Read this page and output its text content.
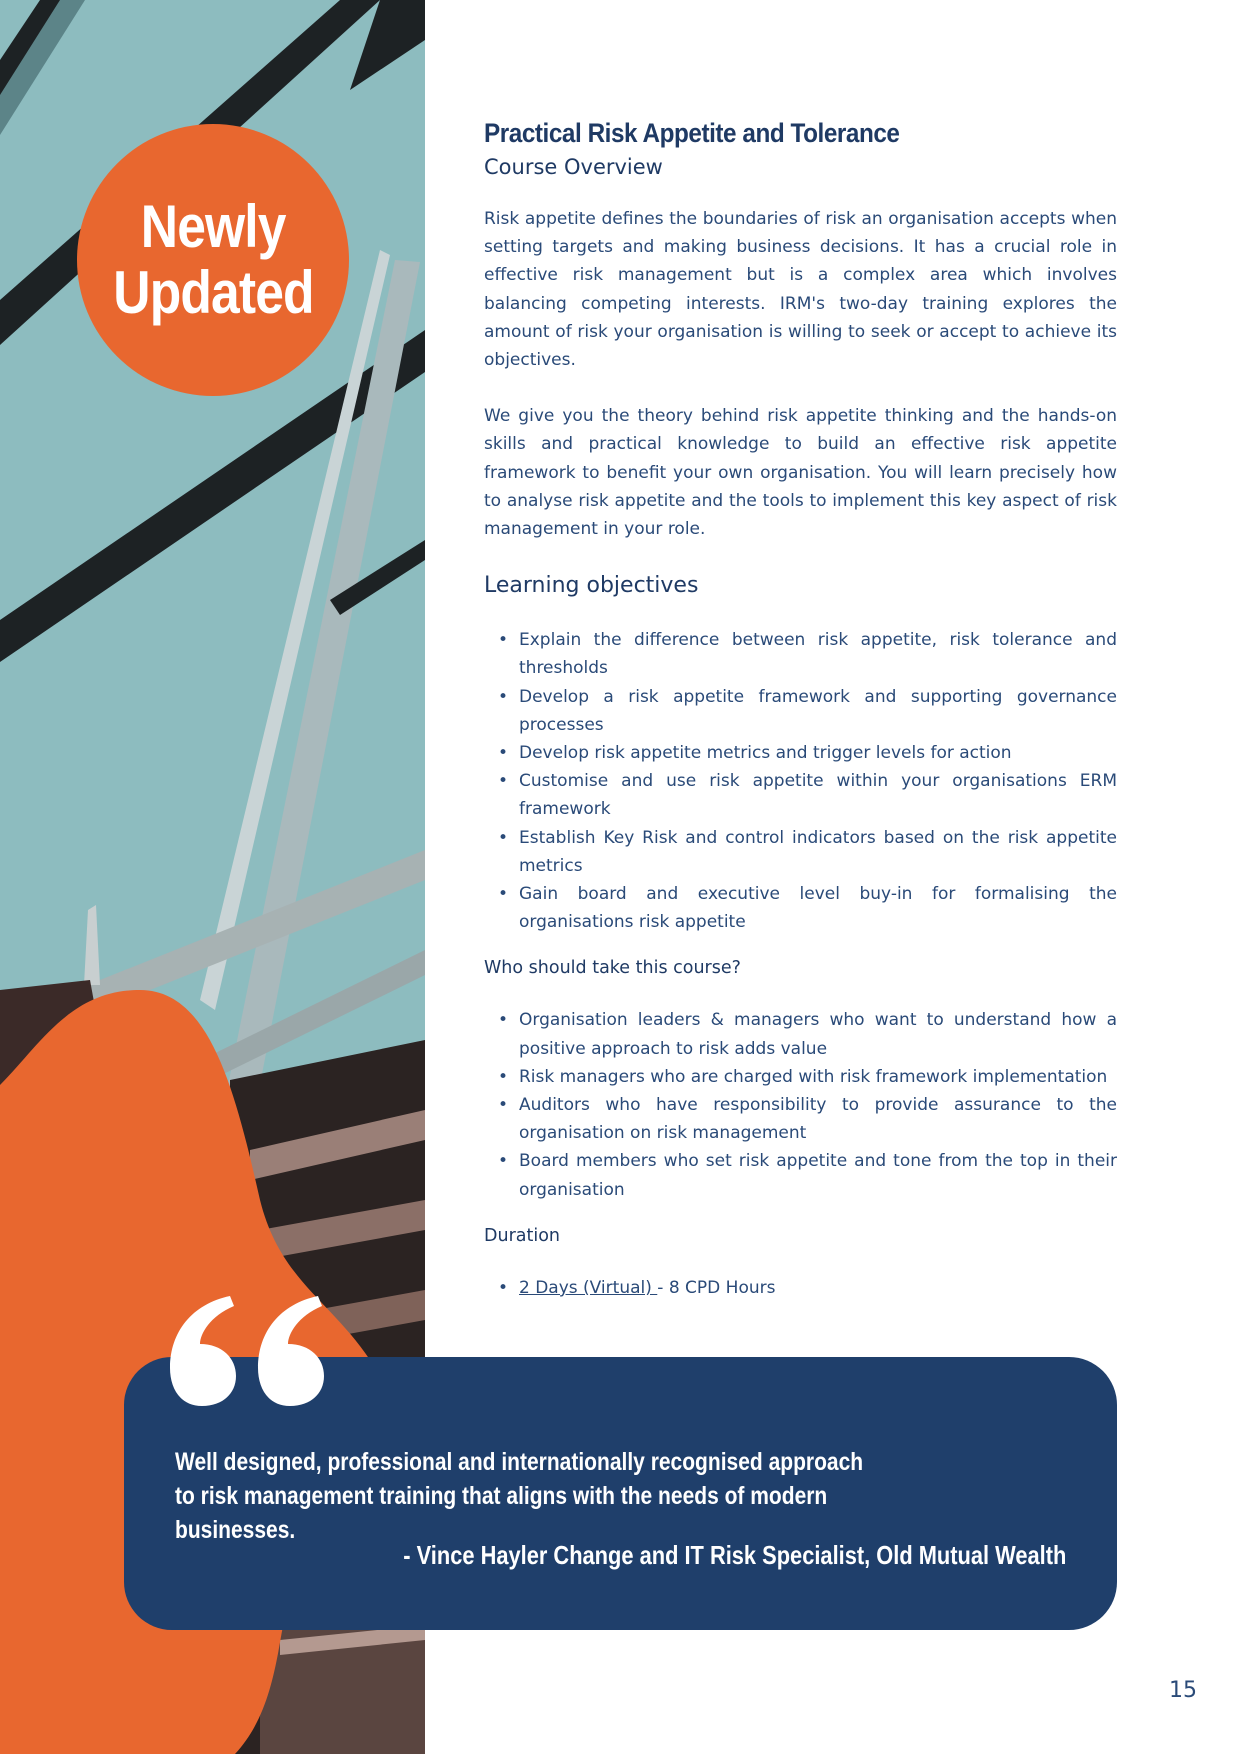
Newly
Updated
Practical Risk Appetite and Tolerance
Course Overview

Risk appetite defines the boundaries of risk an organisation accepts when setting targets and making business decisions. It has a crucial role in effective risk management but is a complex area which involves balancing competing interests. IRM's two-day training explores the amount of risk your organisation is willing to seek or accept to achieve its objectives.

We give you the theory behind risk appetite thinking and the hands-on skills and practical knowledge to build an effective risk appetite framework to benefit your own organisation. You will learn precisely how to analyse risk appetite and the tools to implement this key aspect of risk management in your role.

Learning objectives
• Explain the difference between risk appetite, risk tolerance and thresholds
• Develop a risk appetite framework and supporting governance processes
• Develop risk appetite metrics and trigger levels for action
• Customise and use risk appetite within your organisations ERM framework
• Establish Key Risk and control indicators based on the risk appetite metrics
• Gain board and executive level buy-in for formalising the organisations risk appetite
Who should take this course?
• Organisation leaders & managers who want to understand how a positive approach to risk adds value
• Risk managers who are charged with risk framework implementation
• Auditors who have responsibility to provide assurance to the organisation on risk management
• Board members who set risk appetite and tone from the top in their organisation
Duration
• 2 Days (Virtual) - 8 CPD Hours
Well designed, professional and internationally recognised approach
to risk management training that aligns with the needs of modern businesses.
- Vince Hayler Change and IT Risk Specialist, Old Mutual Wealth
15
